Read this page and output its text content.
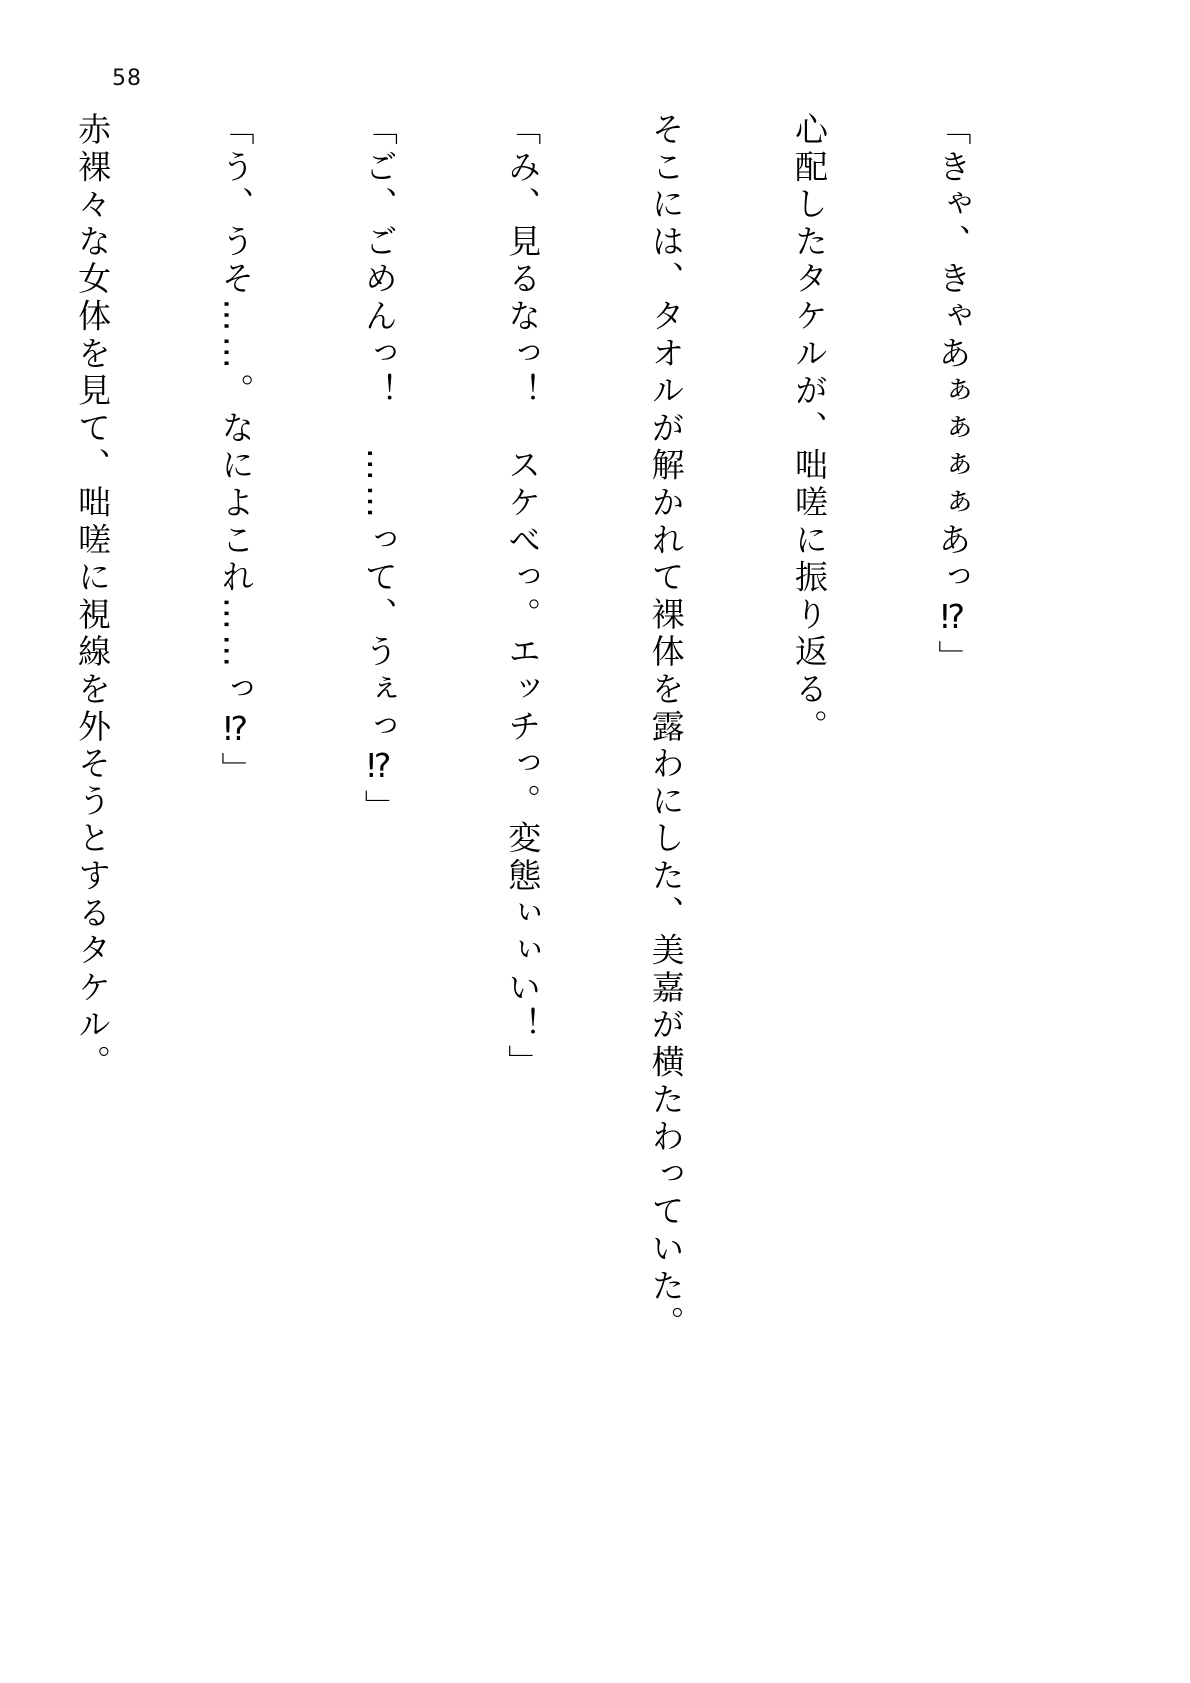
58

「きゃ、きゃあぁぁぁぁあっ⁉」

心配したタケルが、咄嗟に振り返る。

そこには、タオルが解かれて裸体を露わにした、美嘉が横たわっていた。

「み、見るなっ！　スケべっ。エッチっ。変態ぃぃい！」

「ご、ごめんっ！　……って、うぇっ⁉」

「う、うそ……。なによこれ……っ⁉」

赤裸々な女体を見て、咄嗟に視線を外そうとするタケル。
